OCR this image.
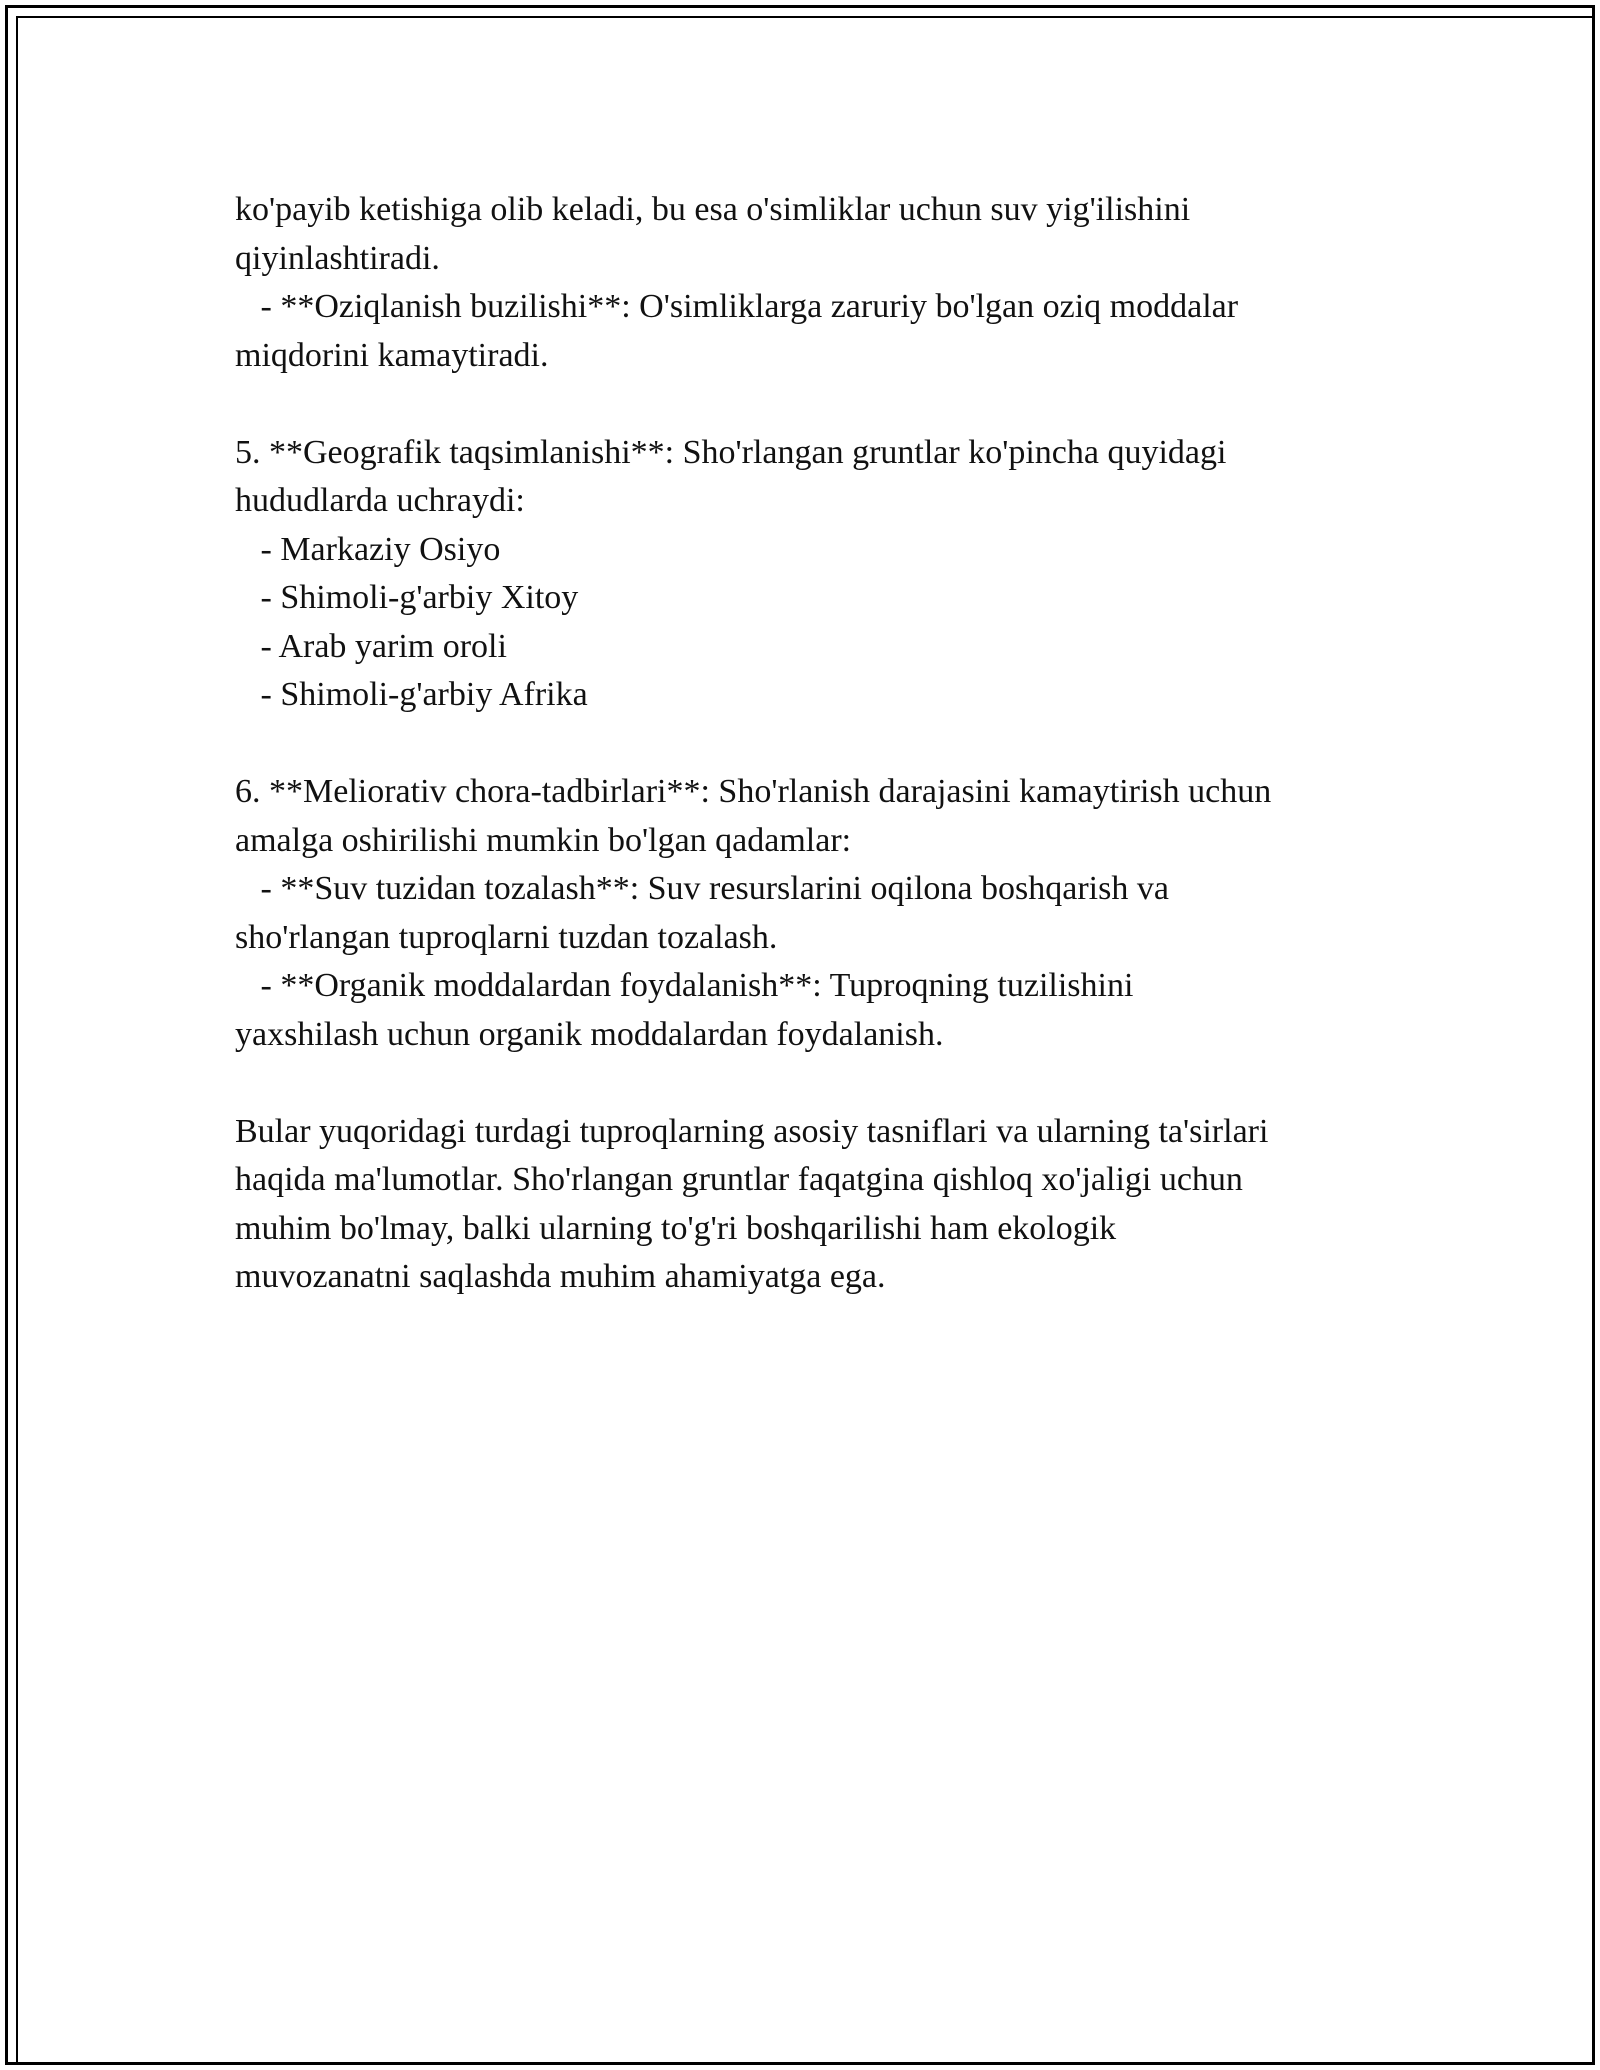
ko'payib ketishiga olib keladi, bu esa o'simliklar uchun suv yig'ilishini
qiyinlashtiradi.
- **Oziqlanish buzilishi**: O'simliklarga zaruriy bo'lgan oziq moddalar
miqdorini kamaytiradi.
5. **Geografik taqsimlanishi**: Sho'rlangan gruntlar ko'pincha quyidagi
hududlarda uchraydi:
- Markaziy Osiyo
- Shimoli-g'arbiy Xitoy
- Arab yarim oroli
- Shimoli-g'arbiy Afrika
6. **Meliorativ chora-tadbirlari**: Sho'rlanish darajasini kamaytirish uchun
amalga oshirilishi mumkin bo'lgan qadamlar:
- **Suv tuzidan tozalash**: Suv resurslarini oqilona boshqarish va
sho'rlangan tuproqlarni tuzdan tozalash.
- **Organik moddalardan foydalanish**: Tuproqning tuzilishini
yaxshilash uchun organik moddalardan foydalanish.
Bular yuqoridagi turdagi tuproqlarning asosiy tasniflari va ularning ta'sirlari
haqida ma'lumotlar. Sho'rlangan gruntlar faqatgina qishloq xo'jaligi uchun
muhim bo'lmay, balki ularning to'g'ri boshqarilishi ham ekologik
muvozanatni saqlashda muhim ahamiyatga ega.
